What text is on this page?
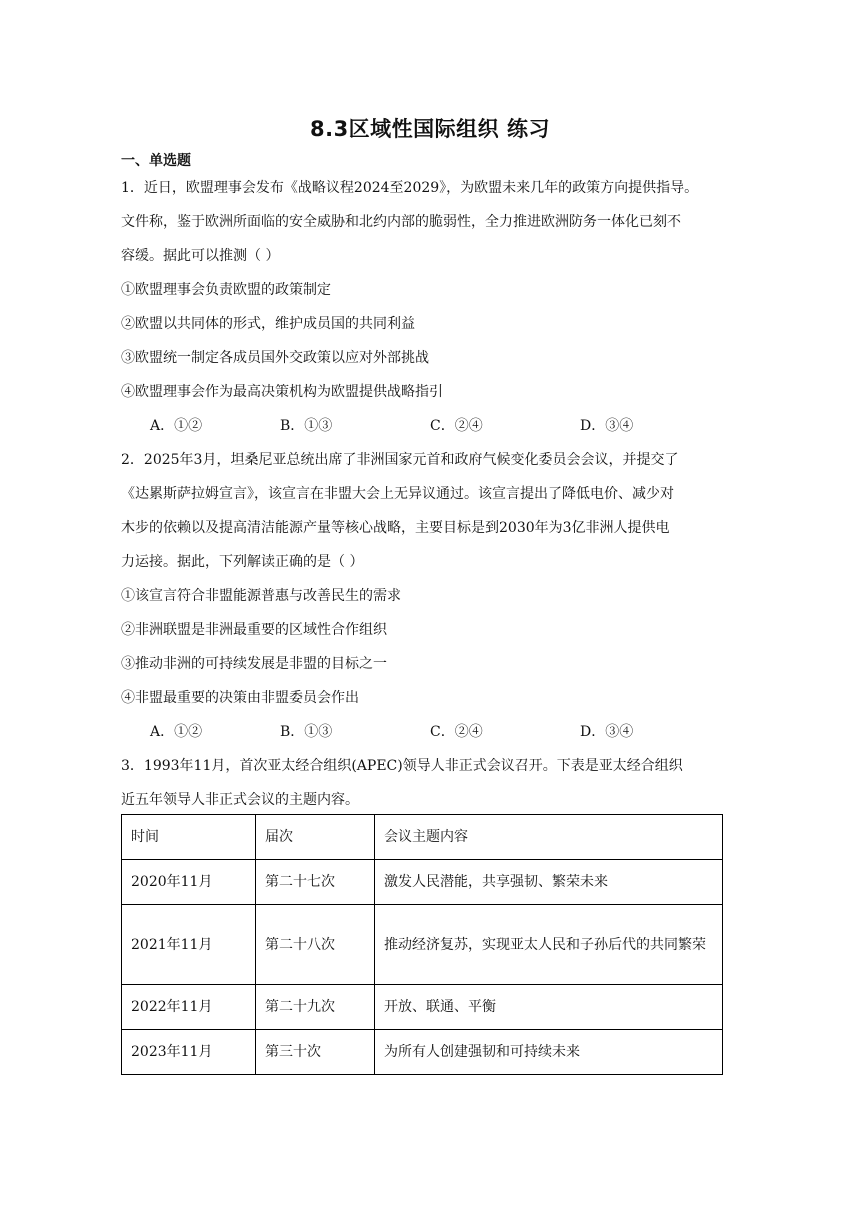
8.3区域性国际组织 练习
一、单选题
1．近日，欧盟理事会发布《战略议程2024至2029》，为欧盟未来几年的政策方向提供指导。
文件称，鉴于欧洲所面临的安全威胁和北约内部的脆弱性，全力推进欧洲防务一体化已刻不
容缓。据此可以推测（ ）
①欧盟理事会负责欧盟的政策制定
②欧盟以共同体的形式，维护成员国的共同利益
③欧盟统一制定各成员国外交政策以应对外部挑战
④欧盟理事会作为最高决策机构为欧盟提供战略指引
A．①②	B．①③	C．②④	D．③④
2．2025年3月，坦桑尼亚总统出席了非洲国家元首和政府气候变化委员会会议，并提交了
《达累斯萨拉姆宣言》，该宣言在非盟大会上无异议通过。该宣言提出了降低电价、减少对
木步的依赖以及提高清洁能源产量等核心战略，主要目标是到2030年为3亿非洲人提供电
力运接。据此，下列解读正确的是（ ）
①该宣言符合非盟能源普惠与改善民生的需求
②非洲联盟是非洲最重要的区域性合作组织
③推动非洲的可持续发展是非盟的目标之一
④非盟最重要的决策由非盟委员会作出
A．①②	B．①③	C．②④	D．③④
3．1993年11月，首次亚太经合组织(APEC)领导人非正式会议召开。下表是亚太经合组织
近五年领导人非正式会议的主题内容。
时间	届次	会议主题内容
2020年11月	第二十七次	激发人民潜能，共享强韧、繁荣未来
2021年11月	第二十八次	推动经济复苏，实现亚太人民和子孙后代的共同繁荣
2022年11月	第二十九次	开放、联通、平衡
2023年11月	第三十次	为所有人创建强韧和可持续未来
